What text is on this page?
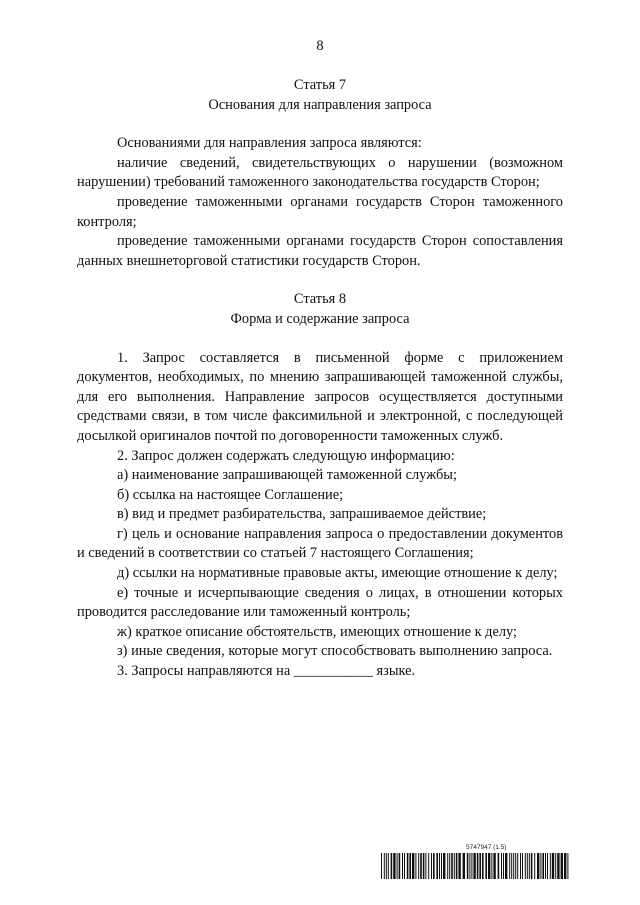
8
Статья 7
Основания для направления запроса

Основаниями для направления запроса являются:

наличие сведений, свидетельствующих о нарушении (возможном нарушении) требований таможенного законодательства государств Сторон;

проведение таможенными органами государств Сторон таможенного контроля;

проведение таможенными органами государств Сторон сопоставления данных внешнеторговой статистики государств Сторон.

Статья 8
Форма и содержание запроса

1. Запрос составляется в письменной форме с приложением документов, необходимых, по мнению запрашивающей таможенной службы, для его выполнения. Направление запросов осуществляется доступными средствами связи, в том числе факсимильной и электронной, с последующей досылкой оригиналов почтой по договоренности таможенных служб.

2. Запрос должен содержать следующую информацию:

а) наименование запрашивающей таможенной службы;

б) ссылка на настоящее Соглашение;

в) вид и предмет разбирательства, запрашиваемое действие;

г) цель и основание направления запроса о предоставлении документов и сведений в соответствии со статьей 7 настоящего Соглашения;

д) ссылки на нормативные правовые акты, имеющие отношение к делу;

е) точные и исчерпывающие сведения о лицах, в отношении которых проводится расследование или таможенный контроль;

ж) краткое описание обстоятельств, имеющих отношение к делу;

з) иные сведения, которые могут способствовать выполнению запроса.

3. Запросы направляются на ___________ языке.

5747947 (1.5)
